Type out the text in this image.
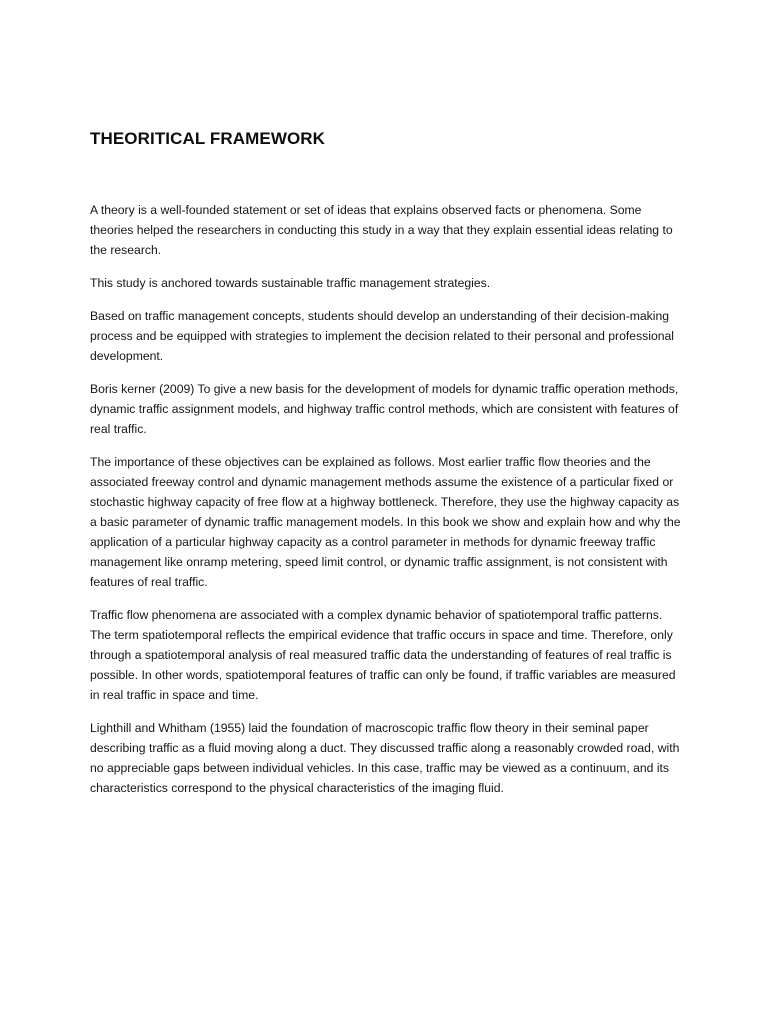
THEORITICAL FRAMEWORK

A theory is a well-founded statement or set of ideas that explains observed facts or phenomena. Some theories helped the researchers in conducting this study in a way that they explain essential ideas relating to the research.

This study is anchored towards sustainable traffic management strategies.

Based on traffic management concepts, students should develop an understanding of their decision-making process and be equipped with strategies to implement the decision related to their personal and professional development.

Boris kerner (2009) To give a new basis for the development of models for dynamic traffic operation methods, dynamic traffic assignment models, and highway traffic control methods, which are consistent with features of real traffic.

The importance of these objectives can be explained as follows. Most earlier traffic flow theories and the associated freeway control and dynamic management methods assume the existence of a particular fixed or stochastic highway capacity of free flow at a highway bottleneck. Therefore, they use the highway capacity as a basic parameter of dynamic traffic management models. In this book we show and explain how and why the application of a particular highway capacity as a control parameter in methods for dynamic freeway traffic management like onramp metering, speed limit control, or dynamic traffic assignment, is not consistent with features of real traffic.

Traffic flow phenomena are associated with a complex dynamic behavior of spatiotemporal traffic patterns. The term spatiotemporal reflects the empirical evidence that traffic occurs in space and time. Therefore, only through a spatiotemporal analysis of real measured traffic data the understanding of features of real traffic is possible. In other words, spatiotemporal features of traffic can only be found, if traffic variables are measured in real traffic in space and time.

Lighthill and Whitham (1955) laid the foundation of macroscopic traffic flow theory in their seminal paper describing traffic as a fluid moving along a duct. They discussed traffic along a reasonably crowded road, with no appreciable gaps between individual vehicles. In this case, traffic may be viewed as a continuum, and its characteristics correspond to the physical characteristics of the imaging fluid.
